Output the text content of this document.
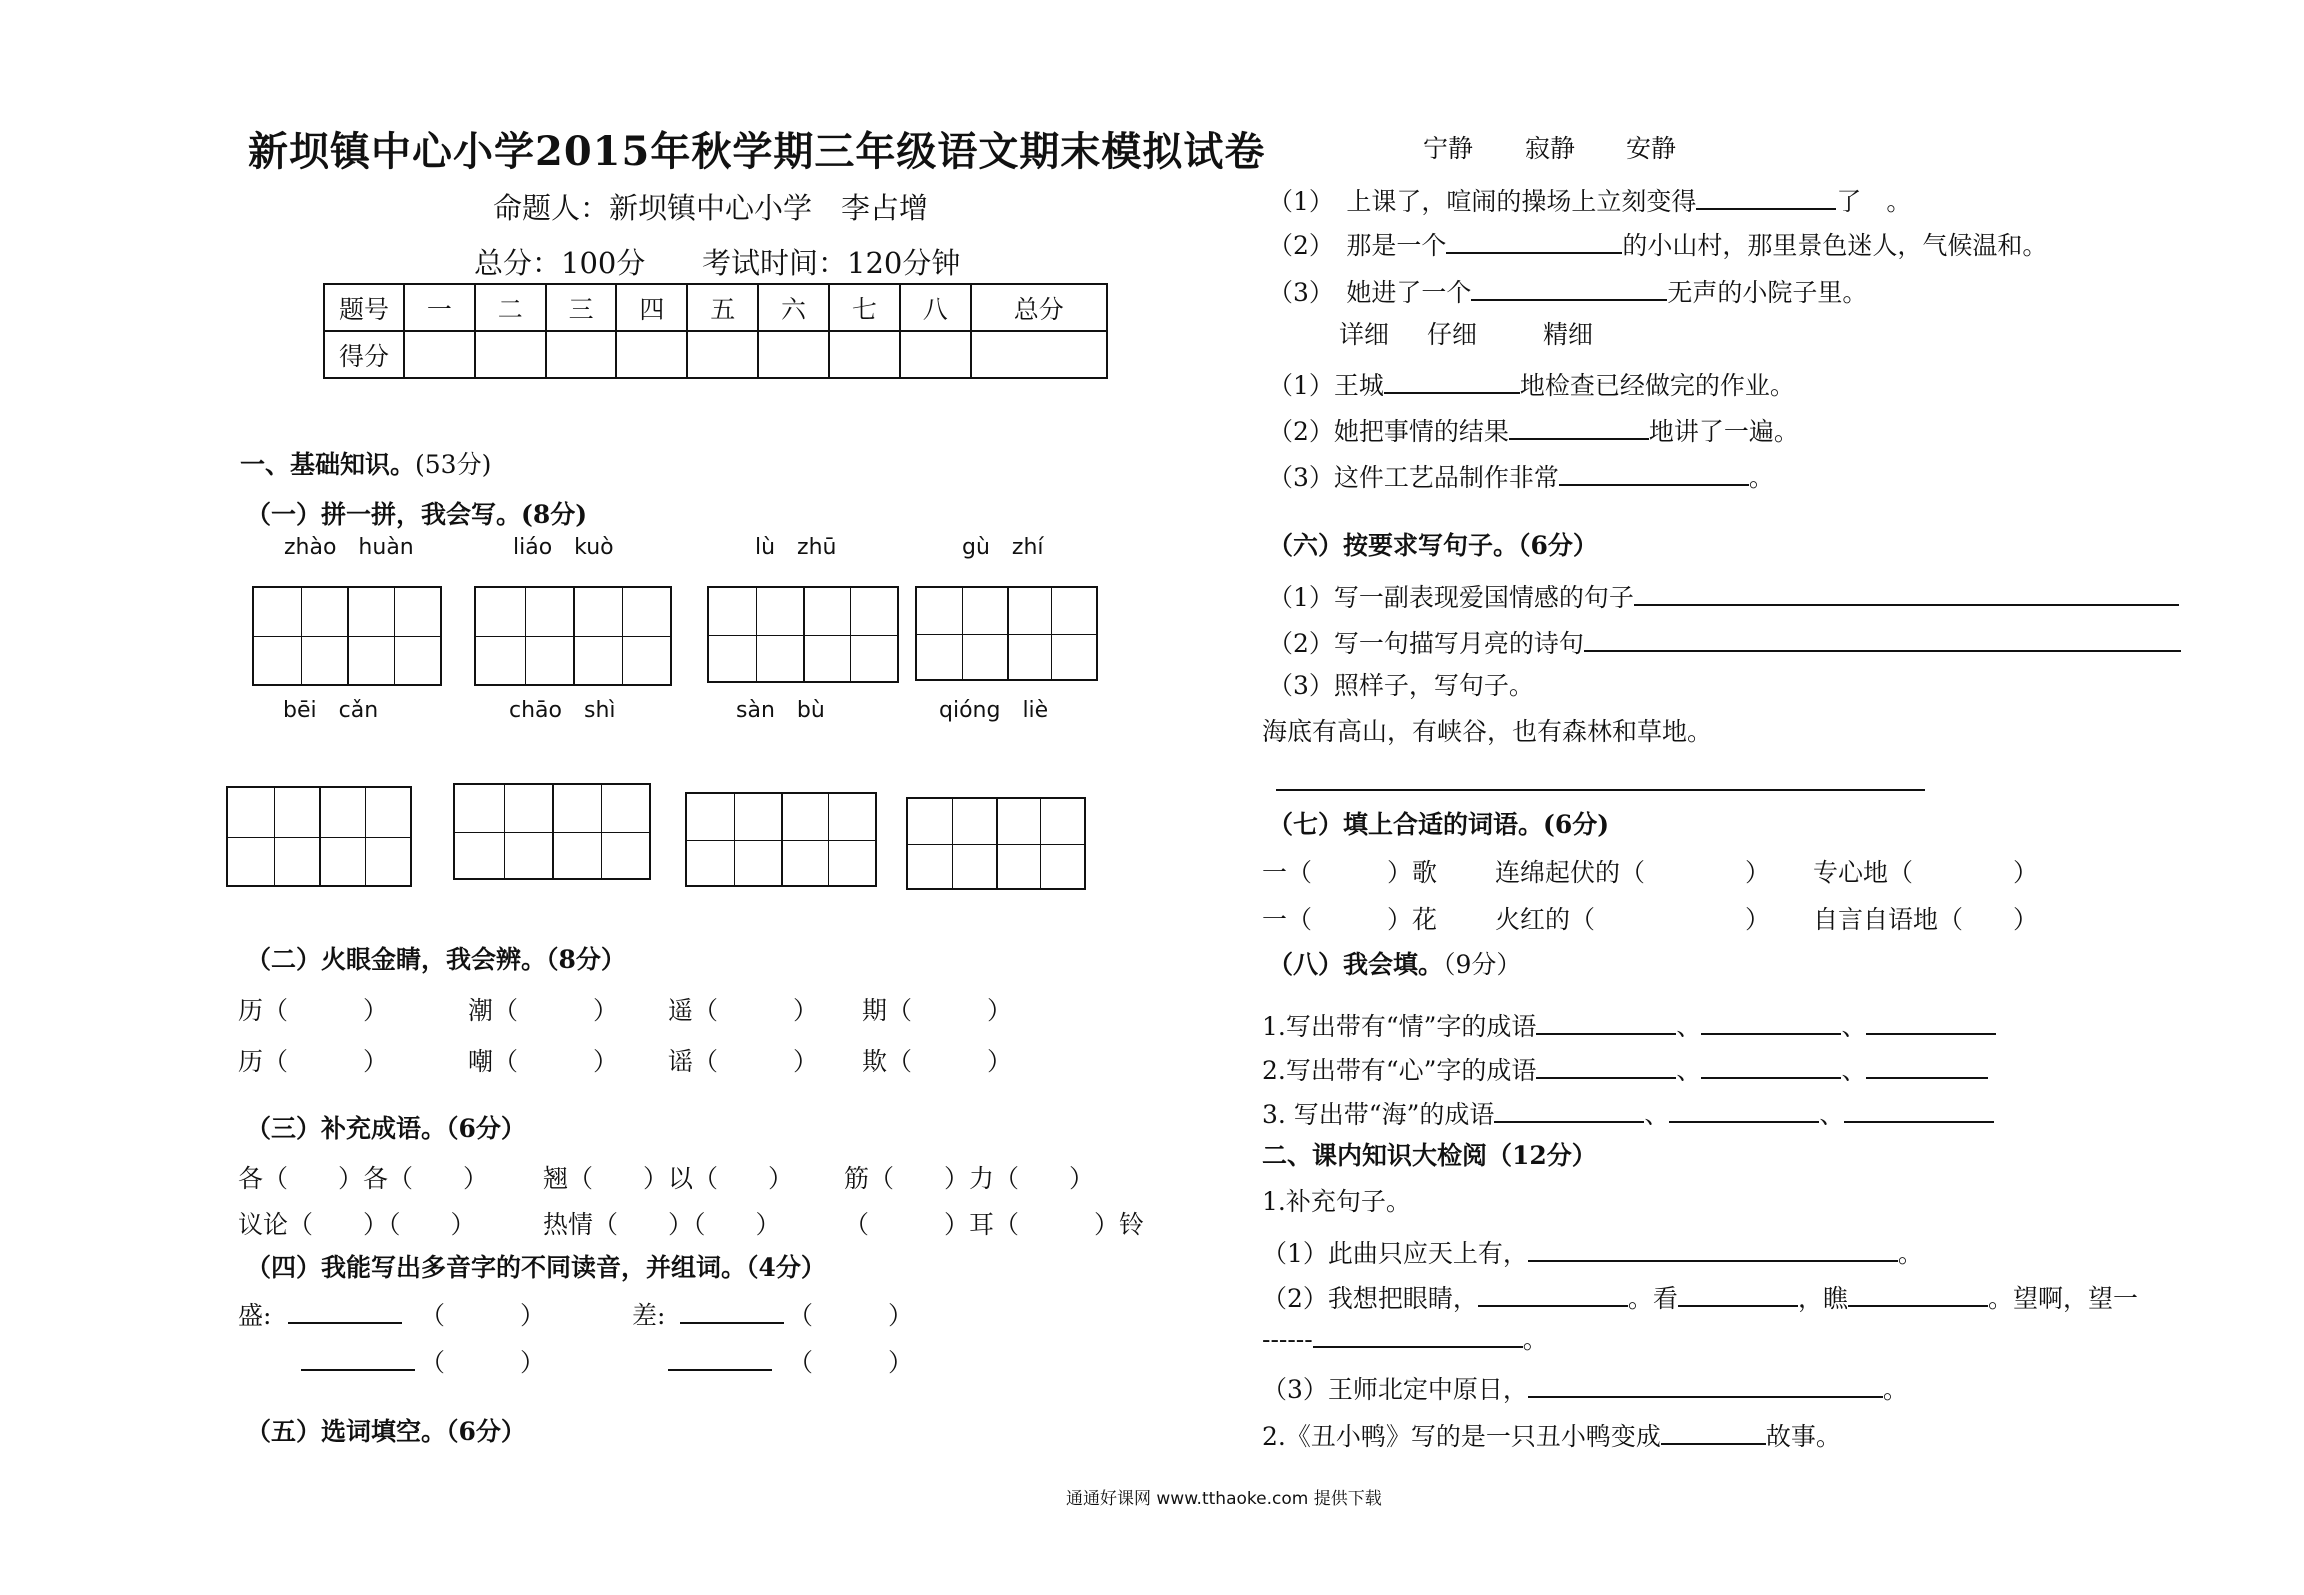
新坝镇中心小学2015年秋学期三年级语文期末模拟试卷
命题人：新坝镇中心小学　李占增
总分：100分 考试时间：120分钟
题号	一	二	三	四	五	六	七	八	总分
得分									
一、基础知识。(53分)
（一）拼一拼，我会写。(8分)
zhào　huàn	liáo　kuò	lù　zhū	gù　zhí
bēi　cǎn	chāo　shì	sàn　bù	qióng　liè
（二）火眼金睛，我会辨。（8分）
历（　　　）	潮（　　　） 遥（　　　） 期（　　　）
历（　　　）	嘲（　　　） 谣（　　　） 欺（　　　）
（三）补充成语。（6分）
各（　　）各（　　） 翘（　　）以（　　） 筋（　　）力（　　）
议论（　　）（　　）	热情（　　）（　　）	（　　　）耳（　　　）铃
（四）我能写出多音字的不同读音，并组词。（4分）
盛:	（　　　）
（　　　）
差:	（　　　）
（　　　）
（五）选词填空。（6分）
宁静 寂静 安静
（1）　上课了，喧闹的操场上立刻变得	了　。
（2）　那是一个	的小山村，那里景色迷人，气候温和。
（3）　她进了一个	无声的小院子里。
详细 仔细	精细
（1）王城	地检查已经做完的作业。
（2）她把事情的结果	地讲了一遍。
（3）这件工艺品制作非常	。
（六）按要求写句子。（6分）
（1）写一副表现爱国情感的句子
（2）写一句描写月亮的诗句
（3）照样子，写句子。
海底有高山，有峡谷，也有森林和草地。
（七）填上合适的词语。(6分)
一（　　　）歌 连绵起伏的（　　　　） 专心地（　　　　）
一（　　　）花 火红的（　　　　　　） 自言自语地（　　）
（八）我会填。（9分）
1.写出带有“情”字的成语	、	、
2.写出带有“心”字的成语	、	、
3. 写出带“海”的成语	、	、
二、课内知识大检阅（12分）
1.补充句子。
（1）此曲只应天上有，	。
（2）我想把眼睛，	。看	，瞧	。望啊，望一
------	。
（3）王师北定中原日，	。
2.《丑小鸭》写的是一只丑小鸭变成	故事。
通通好课网 www.tthaoke.com 提供下载
